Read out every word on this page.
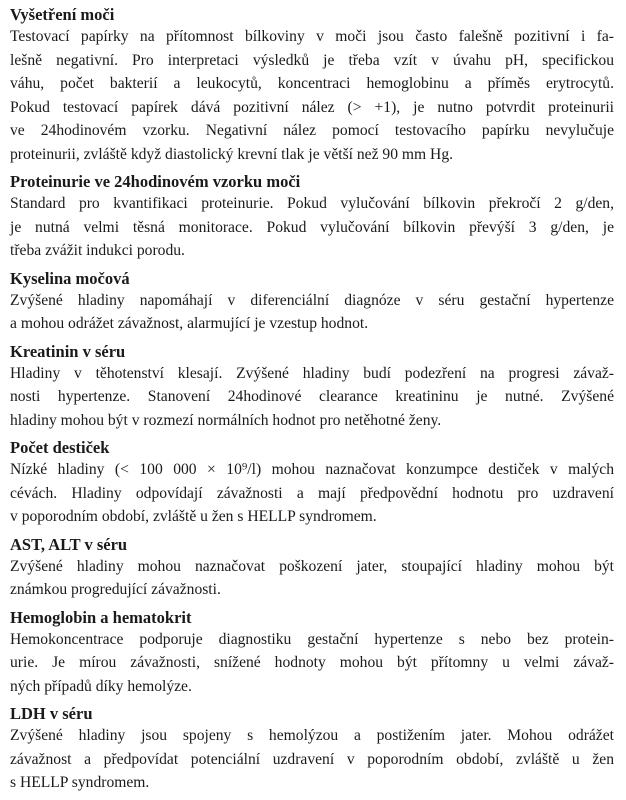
Vyšetření moči

Testovací papírky na přítomnost bílkoviny v moči jsou často falešně pozitivní i fa-
lešně negativní. Pro interpretaci výsledků je třeba vzít v úvahu pH, specifickou
váhu, počet bakterií a leukocytů, koncentraci hemoglobinu a příměs erytrocytů.
Pokud testovací papírek dává pozitivní nález (> +1), je nutno potvrdit proteinurii
ve 24hodinovém vzorku. Negativní nález pomocí testovacího papírku nevylučuje
proteinurii, zvláště když diastolický krevní tlak je větší než 90 mm Hg.

Proteinurie ve 24hodinovém vzorku moči

Standard pro kvantifikaci proteinurie. Pokud vylučování bílkovin překročí 2 g/den,
je nutná velmi těsná monitorace. Pokud vylučování bílkovin převýší 3 g/den, je
třeba zvážit indukci porodu.

Kyselina močová

Zvýšené hladiny napomáhají v diferenciální diagnóze v séru gestační hypertenze
a mohou odrážet závažnost, alarmující je vzestup hodnot.

Kreatinin v séru

Hladiny v těhotenství klesají. Zvýšené hladiny budí podezření na progresi závaž-
nosti hypertenze. Stanovení 24hodinové clearance kreatininu je nutné. Zvýšené
hladiny mohou být v rozmezí normálních hodnot pro netěhotné ženy.

Počet destiček

Nízké hladiny (< 100 000 × 10⁹/l) mohou naznačovat konzumpce destiček v malých
cévách. Hladiny odpovídají závažnosti a mají předpovědní hodnotu pro uzdravení
v poporodním období, zvláště u žen s HELLP syndromem.

AST, ALT v séru

Zvýšené hladiny mohou naznačovat poškození jater, stoupající hladiny mohou být
známkou progredující závažnosti.

Hemoglobin a hematokrit

Hemokoncentrace podporuje diagnostiku gestační hypertenze s nebo bez protein-
urie. Je mírou závažnosti, snížené hodnoty mohou být přítomny u velmi závaž-
ných případů díky hemolýze.

LDH v séru

Zvýšené hladiny jsou spojeny s hemolýzou a postižením jater. Mohou odrážet
závažnost a předpovídat potenciální uzdravení v poporodním období, zvláště u žen
s HELLP syndromem.
